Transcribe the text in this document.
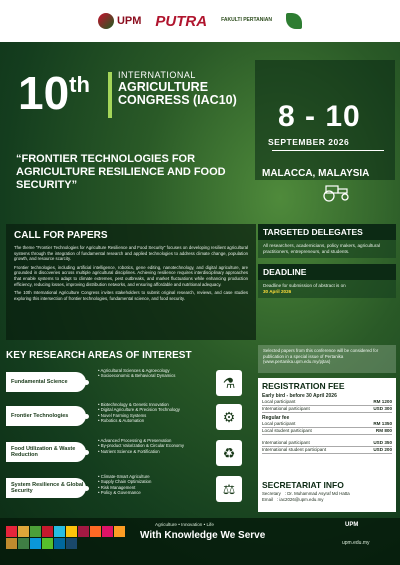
UPM PUTRA	FAKULTI PERTANIAN
10th	INTERNATIONAL
AGRICULTURE CONGRESS (IAC10)	8 - 10
SEPTEMBER 2026
MALACCA, MALAYSIA
“FRONTIER TECHNOLOGIES FOR AGRICULTURE RESILIENCE AND FOOD SECURITY”
CALL FOR PAPERS

The theme "Frontier Technologies for Agriculture Resilience and Food Security" focuses on developing resilient agricultural systems through the integration of fundamental research and applied technologies to address climate change, population growth, and resource scarcity.

Frontier technologies, including artificial intelligence, robotics, gene editing, nanotechnology, and digital agriculture, are grounded in discoveries across multiple agricultural disciplines. Achieving resilience requires interdisciplinary approaches that enable systems to adapt to climate extremes, pest outbreaks, and market fluctuations while enhancing production efficiency, reducing losses, improving distribution networks, and ensuring affordable and nutritional adequacy.

The 10th International Agriculture Congress invites stakeholders to submit original research, reviews, and case studies exploring this intersection of frontier technologies, fundamental science, and food security.

TARGETED DELEGATES
All researchers, academicians, policy makers, agricultural practitioners, entrepreneurs, and students.
DEADLINE
Deadline for submission of abstract is on
30 April 2026
Selected papers from this conference will be considered for publication in a special issue of Pertanika (www.pertanika.upm.edu.my/pjtas)
KEY RESEARCH AREAS OF INTEREST
Fundamental Science
• Agricultural Sciences & Agroecology
• Socioeconomic & Behavioral Dynamics	⚗
Frontier Technologies
• Biotechnology & Genetic Innovation
• Digital Agriculture & Precision Technology
• Novel Farming Systems
• Robotics & Automation	⚙
Food Utilization & Waste Reduction
• Advanced Processing & Preservation
• By-product Valorization & Circular Economy
• Nutrient Science & Fortification	♻
System Resilience & Global Security
• Climate-Smart Agriculture
• Supply Chain Optimization
• Risk Management
• Policy & Governance	⚖
REGISTRATION FEE
Early bird - before 30 April 2026
Local participant	RM 1200
International participant	USD 300
Regular fee
Local participant	RM 1350
Local student participant	RM 800
International participant	USD 350
International student participant	USD 200
SECRETARIAT INFO
Secretary : Dr. Muhammad Asyraf Md Hatta
Email : iac2026@upm.edu.my
Agriculture • Innovation • Life
With Knowledge We Serve
UPM
upm.edu.my
